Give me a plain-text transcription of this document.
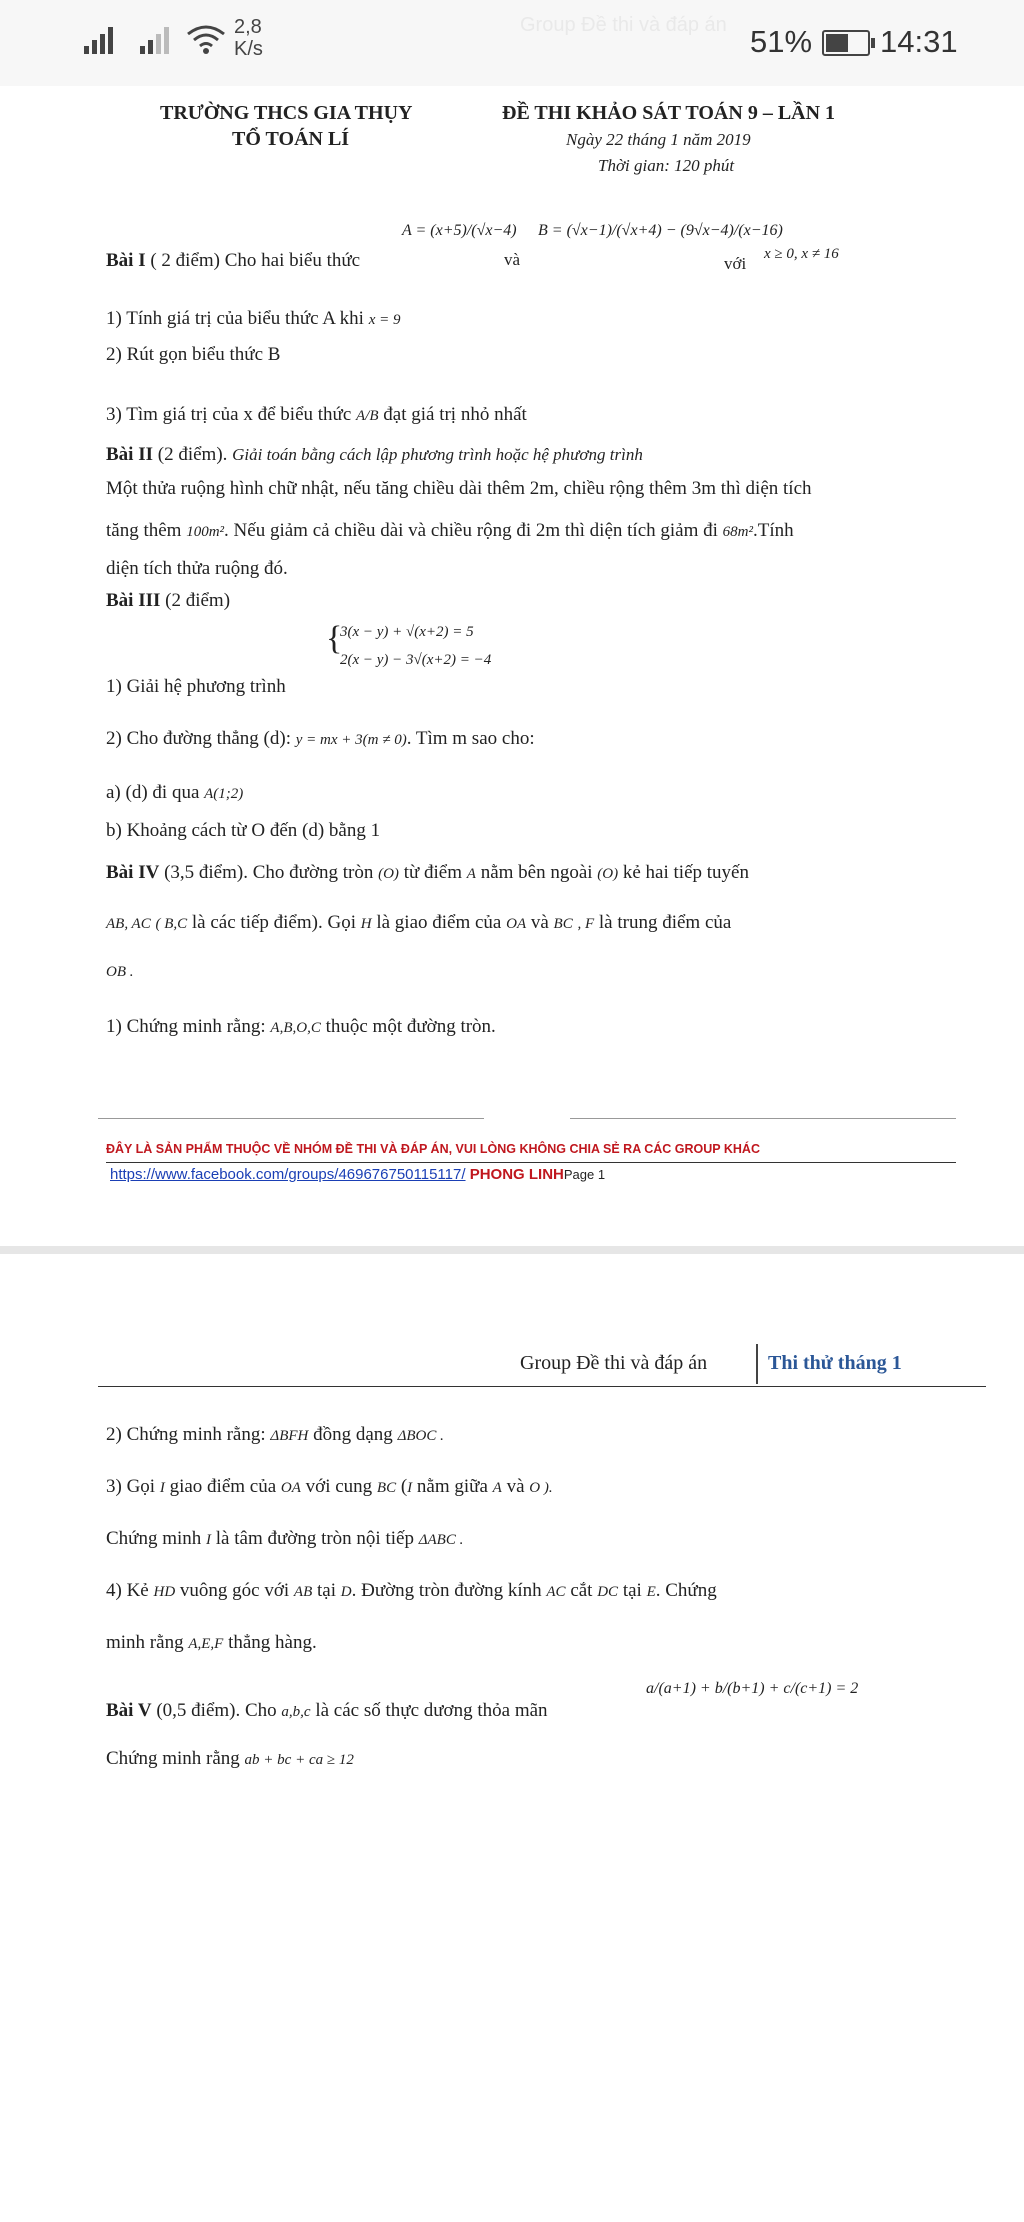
2,8
K/s
Group Đề thi và đáp án 51% 14:31
TRƯỜNG THCS GIA THỤY
TỔ TOÁN LÍ
ĐỀ THI KHẢO SÁT TOÁN 9 – LẦN 1
Ngày 22 tháng 1 năm 2019
Thời gian: 120 phút
Bài I ( 2 điểm) Cho hai biểu thức
A = (x+5)/(√x−4)
và
B = (√x−1)/(√x+4) − (9√x−4)/(x−16)
với x ≥ 0, x ≠ 16
1) Tính giá trị của biểu thức A khi x = 9
2) Rút gọn biểu thức B
3) Tìm giá trị của x để biểu thức A/B đạt giá trị nhỏ nhất
Bài II (2 điểm). Giải toán bằng cách lập phương trình hoặc hệ phương trình
Một thửa ruộng hình chữ nhật, nếu tăng chiều dài thêm 2m, chiều rộng thêm 3m thì diện tích
tăng thêm 100m². Nếu giảm cả chiều dài và chiều rộng đi 2m thì diện tích giảm đi 68m².Tính
diện tích thửa ruộng đó.
Bài III (2 điểm)
{
3(x − y) + √(x+2) = 5
2(x − y) − 3√(x+2) = −4
1) Giải hệ phương trình
2) Cho đường thẳng (d): y = mx + 3(m ≠ 0). Tìm m sao cho:
a) (d) đi qua A(1;2)
b) Khoảng cách từ O đến (d) bằng 1
Bài IV (3,5 điểm). Cho đường tròn (O) từ điểm A nằm bên ngoài (O) kẻ hai tiếp tuyến
AB, AC ( B,C là các tiếp điểm). Gọi H là giao điểm của OA và BC , F là trung điểm của
OB .
1) Chứng minh rằng: A,B,O,C thuộc một đường tròn.
ĐÂY LÀ SẢN PHẨM THUỘC VỀ NHÓM ĐỀ THI VÀ ĐÁP ÁN, VUI LÒNG KHÔNG CHIA SẺ RA CÁC GROUP KHÁC
https://www.facebook.com/groups/469676750115117/ PHONG LINHPage 1
Group Đề thi và đáp án	Thi thử tháng 1
2) Chứng minh rằng: ΔBFH đồng dạng ΔBOC .
3) Gọi I giao điểm của OA với cung BC (I nằm giữa A và O ).
Chứng minh I là tâm đường tròn nội tiếp ΔABC .
4) Kẻ HD vuông góc với AB tại D. Đường tròn đường kính AC cắt DC tại E. Chứng
minh rằng A,E,F thẳng hàng.
Bài V (0,5 điểm). Cho a,b,c là các số thực dương thỏa mãn
a/(a+1) + b/(b+1) + c/(c+1) = 2
Chứng minh rằng ab + bc + ca ≥ 12
